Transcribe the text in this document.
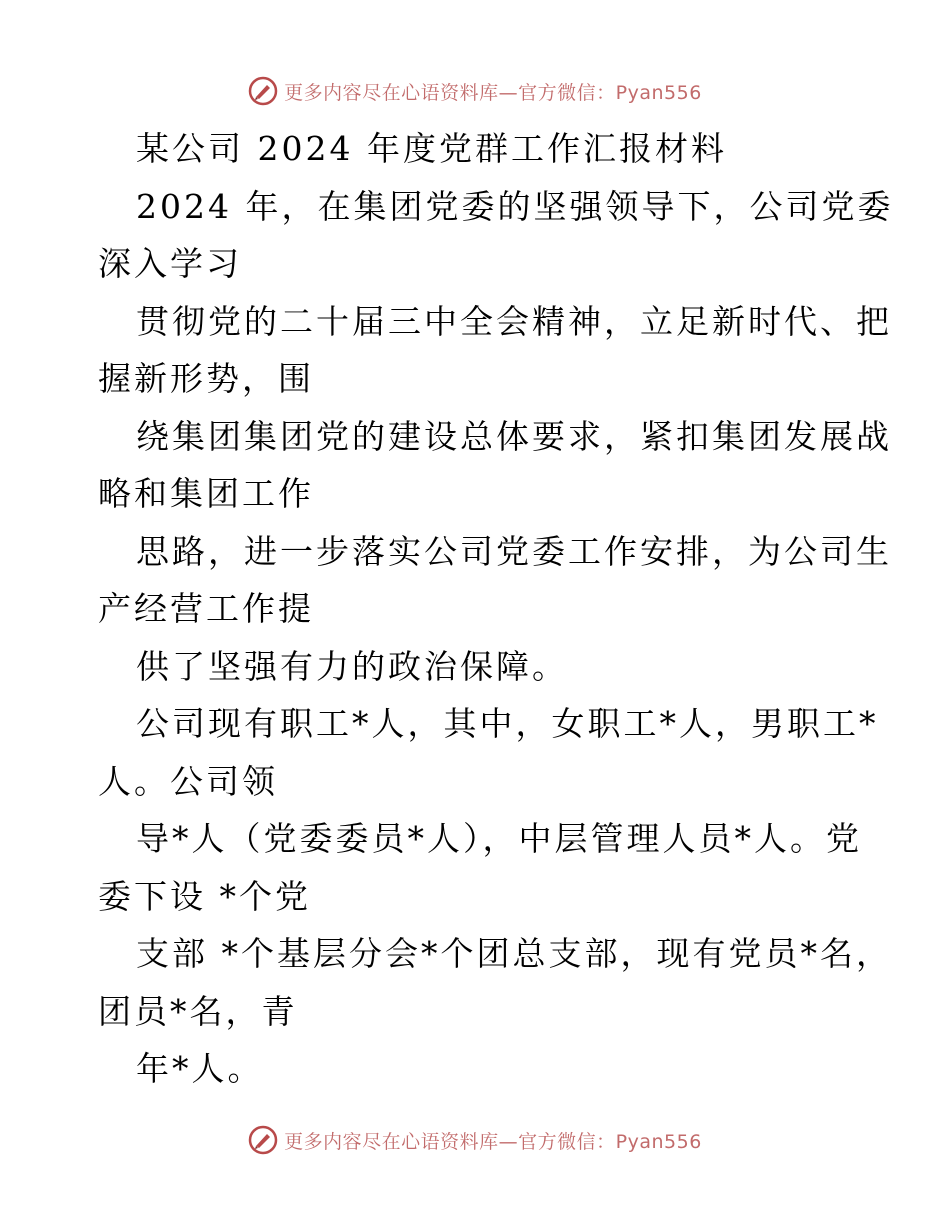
更多内容尽在心语资料库—官方微信：Pyan556
某公司 2024 年度党群工作汇报材料
2024 年，在集团党委的坚强领导下，公司党委
深入学习
贯彻党的二十届三中全会精神，立足新时代、把
握新形势，围
绕集团集团党的建设总体要求，紧扣集团发展战
略和集团工作
思路，进一步落实公司党委工作安排，为公司生
产经营工作提
供了坚强有力的政治保障。
公司现有职工*人，其中，女职工*人，男职工*
人。公司领
导*人（党委委员*人），中层管理人员*人。党
委下设 *个党
支部 *个基层分会*个团总支部，现有党员*名，
团员*名，青
年*人。
更多内容尽在心语资料库—官方微信：Pyan556
